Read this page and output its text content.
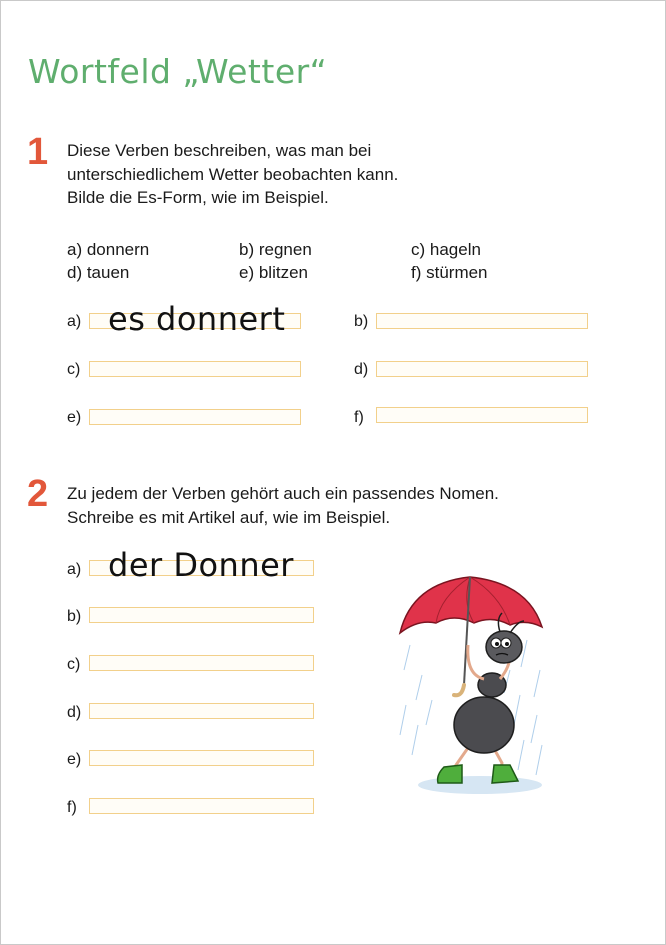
Wortfeld „Wetter“
1 Diese Verben beschreiben, was man bei
unterschiedlichem Wetter beobachten kann.
Bilde die Es-Form, wie im Beispiel.
a) donnern	b) regnen	c) hageln
d) tauen	e) blitzen	f) stürmen
a) es donnert	b)
c)	d)
e)	f)
2 Zu jedem der Verben gehört auch ein passendes Nomen.
Schreibe es mit Artikel auf, wie im Beispiel.
a) der Donner
b)
c)
d)
e)
f)
